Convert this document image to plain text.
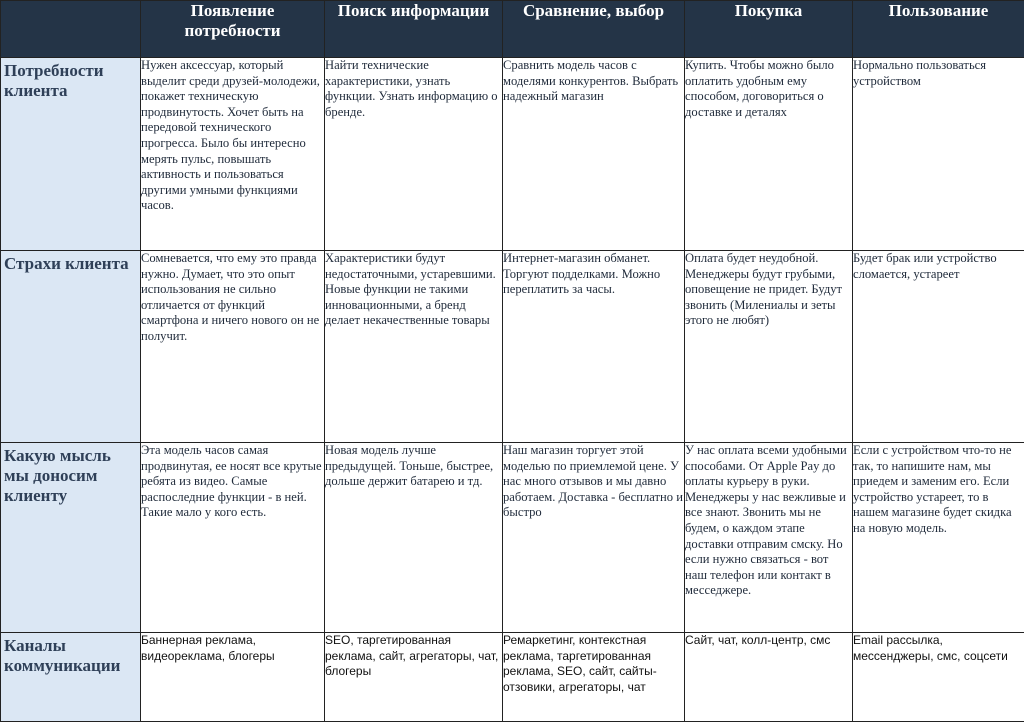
	Появление потребности	Поиск информации	Сравнение, выбор	Покупка	Пользование
Потребности клиента	Нужен аксессуар, который выделит среди друзей-молодежи, покажет техническую продвинутость. Хочет быть на передовой технического прогресса. Было бы интересно мерять пульс, повышать активность и пользоваться другими умными функциями часов.	Найти технические характеристики, узнать функции. Узнать информацию о бренде.	Сравнить модель часов с моделями конкурентов. Выбрать надежный магазин	Купить. Чтобы можно было оплатить удобным ему способом, договориться о доставке и деталях	Нормально пользоваться устройством
Страхи клиента	Сомневается, что ему это правда нужно. Думает, что это опыт использования не сильно отличается от функций смартфона и ничего нового он не получит.	Характеристики будут недостаточными, устаревшими. Новые функции не такими инновационными, а бренд делает некачественные товары	Интернет-магазин обманет. Торгуют подделками. Можно переплатить за часы.	Оплата будет неудобной. Менеджеры будут грубыми, оповещение не придет. Будут звонить (Милениалы и зеты этого не любят)	Будет брак или устройство сломается, устареет
Какую мысль мы доносим клиенту	Эта модель часов самая продвинутая, ее носят все крутые ребята из видео. Самые распоследние функции - в ней. Такие мало у кого есть.	Новая модель лучше предыдущей. Тоньше, быстрее, дольше держит батарею и тд.	Наш магазин торгует этой моделью по приемлемой цене. У нас много отзывов и мы давно работаем. Доставка - бесплатно и быстро	У нас оплата всеми удобными способами. От Apple Pay до оплаты курьеру в руки. Менеджеры у нас вежливые и все знают. Звонить мы не будем, о каждом этапе доставки отправим смску. Но если нужно связаться - вот наш телефон или контакт в месседжере.	Если с устройством что-то не так, то напишите нам, мы приедем и заменим его. Если устройство устареет, то в нашем магазине будет скидка на новую модель.
Каналы коммуникации	Баннерная реклама, видеореклама, блогеры	SEO, таргетированная реклама, сайт, агрегаторы, чат, блогеры	Ремаркетинг, контекстная реклама, таргетированная реклама, SEO, сайт, сайты-отзовики, агрегаторы, чат	Сайт, чат, колл-центр, смс	Email рассылка, мессенджеры, смс, соцсети
